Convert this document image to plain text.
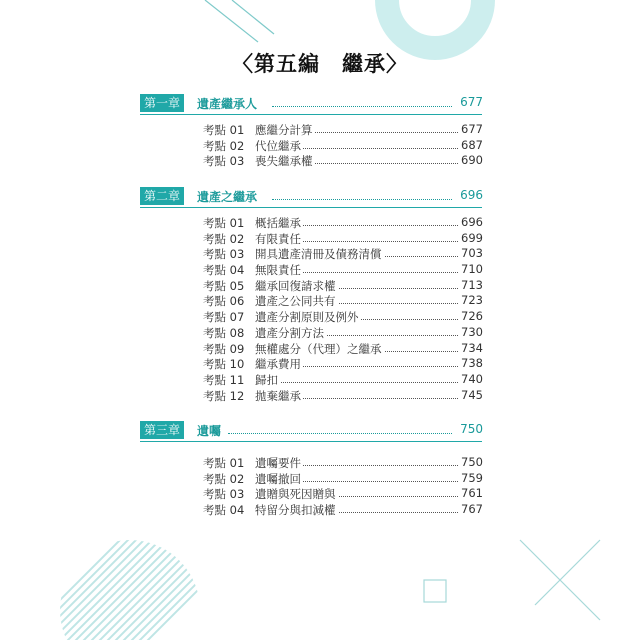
〈第五編　繼承〉
第一章	遺產繼承人	677
考點 01 應繼分計算	677
考點 02 代位繼承	687
考點 03 喪失繼承權	690
第二章	遺產之繼承	696
考點 01 概括繼承	696
考點 02 有限責任	699
考點 03 開具遺產清冊及債務清償	703
考點 04 無限責任	710
考點 05 繼承回復請求權	713
考點 06 遺產之公同共有	723
考點 07 遺產分割原則及例外	726
考點 08 遺產分割方法	730
考點 09 無權處分（代理）之繼承	734
考點 10 繼承費用	738
考點 11 歸扣	740
考點 12 拋棄繼承	745
第三章	遺囑	750
考點 01 遺囑要件	750
考點 02 遺囑撤回	759
考點 03 遺贈與死因贈與	761
考點 04 特留分與扣減權	767
